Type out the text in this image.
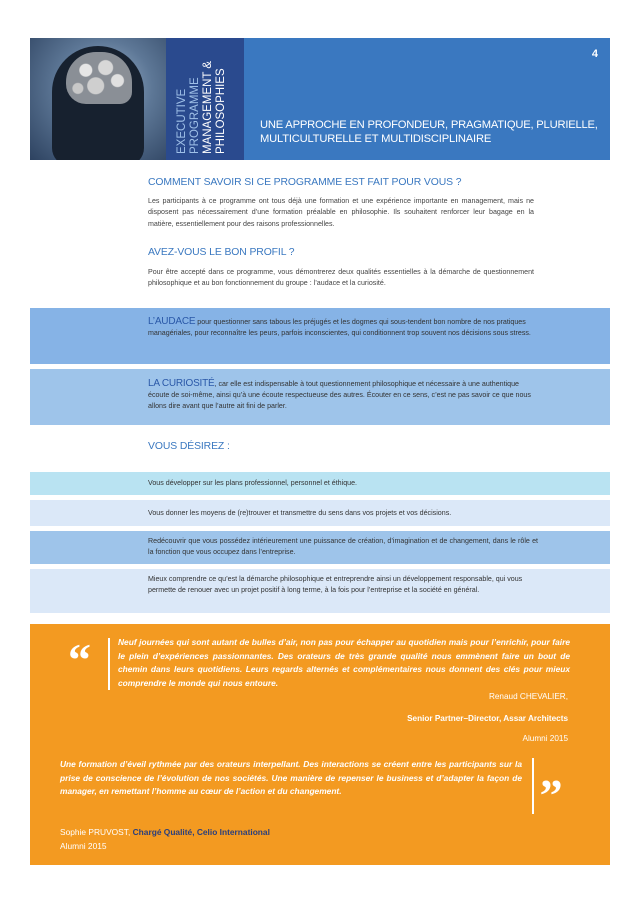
EXECUTIVE PROGRAMME MANAGEMENT & PHILOSOPHIES	UNE APPROCHE EN PROFONDEUR, PRAGMATIQUE, PLURIELLE,
MULTICULTURELLE ET MULTIDISCIPLINAIRE
4
COMMENT SAVOIR SI CE PROGRAMME EST FAIT POUR VOUS ?
Les participants à ce programme ont tous déjà une formation et une expérience importante en management, mais ne disposent pas nécessairement d’une formation préalable en philosophie. Ils souhaitent renforcer leur bagage en la matière, essentiellement pour des raisons professionnelles.
AVEZ-VOUS LE BON PROFIL ?
Pour être accepté dans ce programme, vous démontrerez deux qualités essentielles à la démarche de questionnement philosophique et au bon fonctionnement du groupe : l’audace et la curiosité.
L’AUDACE pour questionner sans tabous les préjugés et les dogmes qui sous-tendent bon nombre de nos pratiques managériales, pour reconnaître les peurs, parfois inconscientes, qui conditionnent trop souvent nos décisions sous stress.
LA CURIOSITÉ, car elle est indispensable à tout questionnement philosophique et nécessaire à une authentique écoute de soi-même, ainsi qu’à une écoute respectueuse des autres. Écouter en ce sens, c’est ne pas savoir ce que nous allons dire avant que l’autre ait fini de parler.
VOUS DÉSIREZ :
Vous développer sur les plans professionnel, personnel et éthique.
Vous donner les moyens de (re)trouver et transmettre du sens dans vos projets et vos décisions.
Redécouvrir que vous possédez intérieurement une puissance de création, d’imagination et de changement, dans le rôle et la fonction que vous occupez dans l’entreprise.
Mieux comprendre ce qu’est la démarche philosophique et entreprendre ainsi un développement responsable, qui vous permette de renouer avec un projet positif à long terme, à la fois pour l’entreprise et la société en général.
“	Neuf journées qui sont autant de bulles d’air, non pas pour échapper au quotidien mais pour l’enrichir, pour faire le plein d’expériences passionnantes. Des orateurs de très grande qualité nous emmènent faire un bout de chemin dans leurs quotidiens. Leurs regards alternés et complémentaires nous donnent des clés pour mieux comprendre le monde qui nous entoure.
Renaud CHEVALIER,
Senior Partner–Director, Assar Architects
Alumni 2015
Une formation d’éveil rythmée par des orateurs interpellant. Des interactions se créent entre les participants sur la prise de conscience de l’évolution de nos sociétés. Une manière de repenser le business et d’adapter la façon de manager, en remettant l’homme au cœur de l’action et du changement.	„
Sophie PRUVOST, Chargé Qualité, Celio International
Alumni 2015
